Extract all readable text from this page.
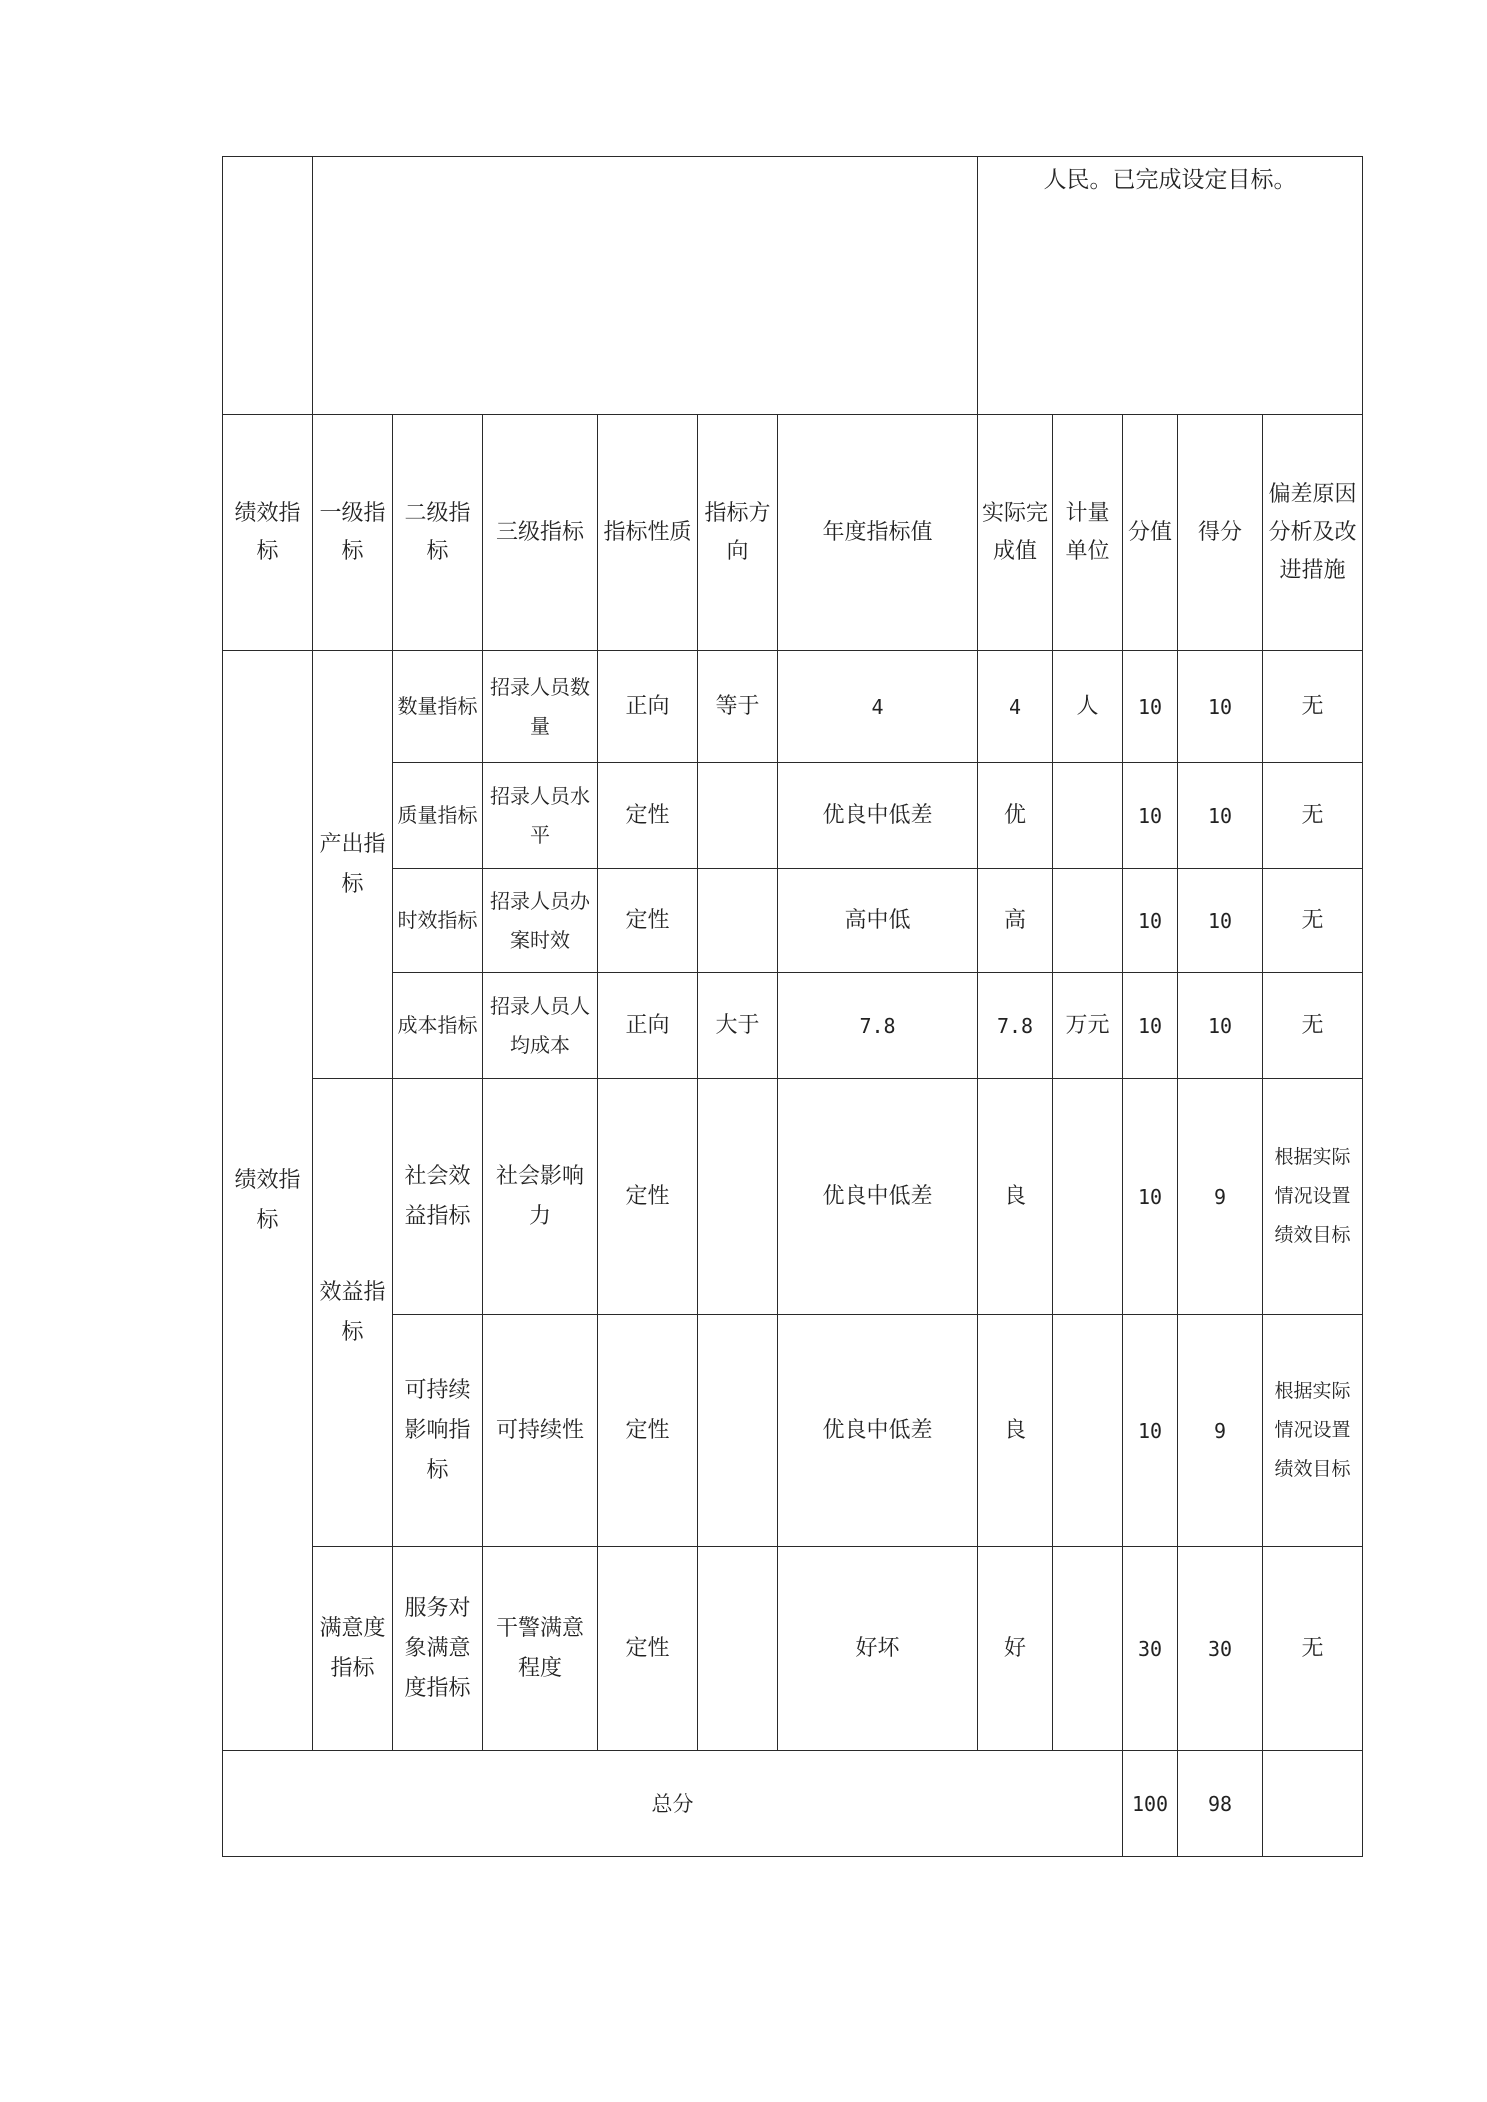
							人民。已完成设定目标。				
绩效指标	一级指标	二级指标	三级指标	指标性质	指标方向	年度指标值	实际完成值	计量单位	分值	得分	偏差原因分析及改进措施
绩效指标	产出指标	数量指标	招录人员数量	正向	等于	4	4	人	10	10	无
		质量指标	招录人员水平	定性		优良中低差	优		10	10	无
		时效指标	招录人员办案时效	定性		高中低	高		10	10	无
		成本指标	招录人员人均成本	正向	大于	7.8	7.8	万元	10	10	无
	效益指标	社会效益指标	社会影响力	定性		优良中低差	良		10	9	根据实际情况设置绩效目标
		可持续影响指标	可持续性	定性		优良中低差	良		10	9	根据实际情况设置绩效目标
	满意度指标	服务对象满意度指标	干警满意程度	定性		好坏	好		30	30	无
总分									100	98	
